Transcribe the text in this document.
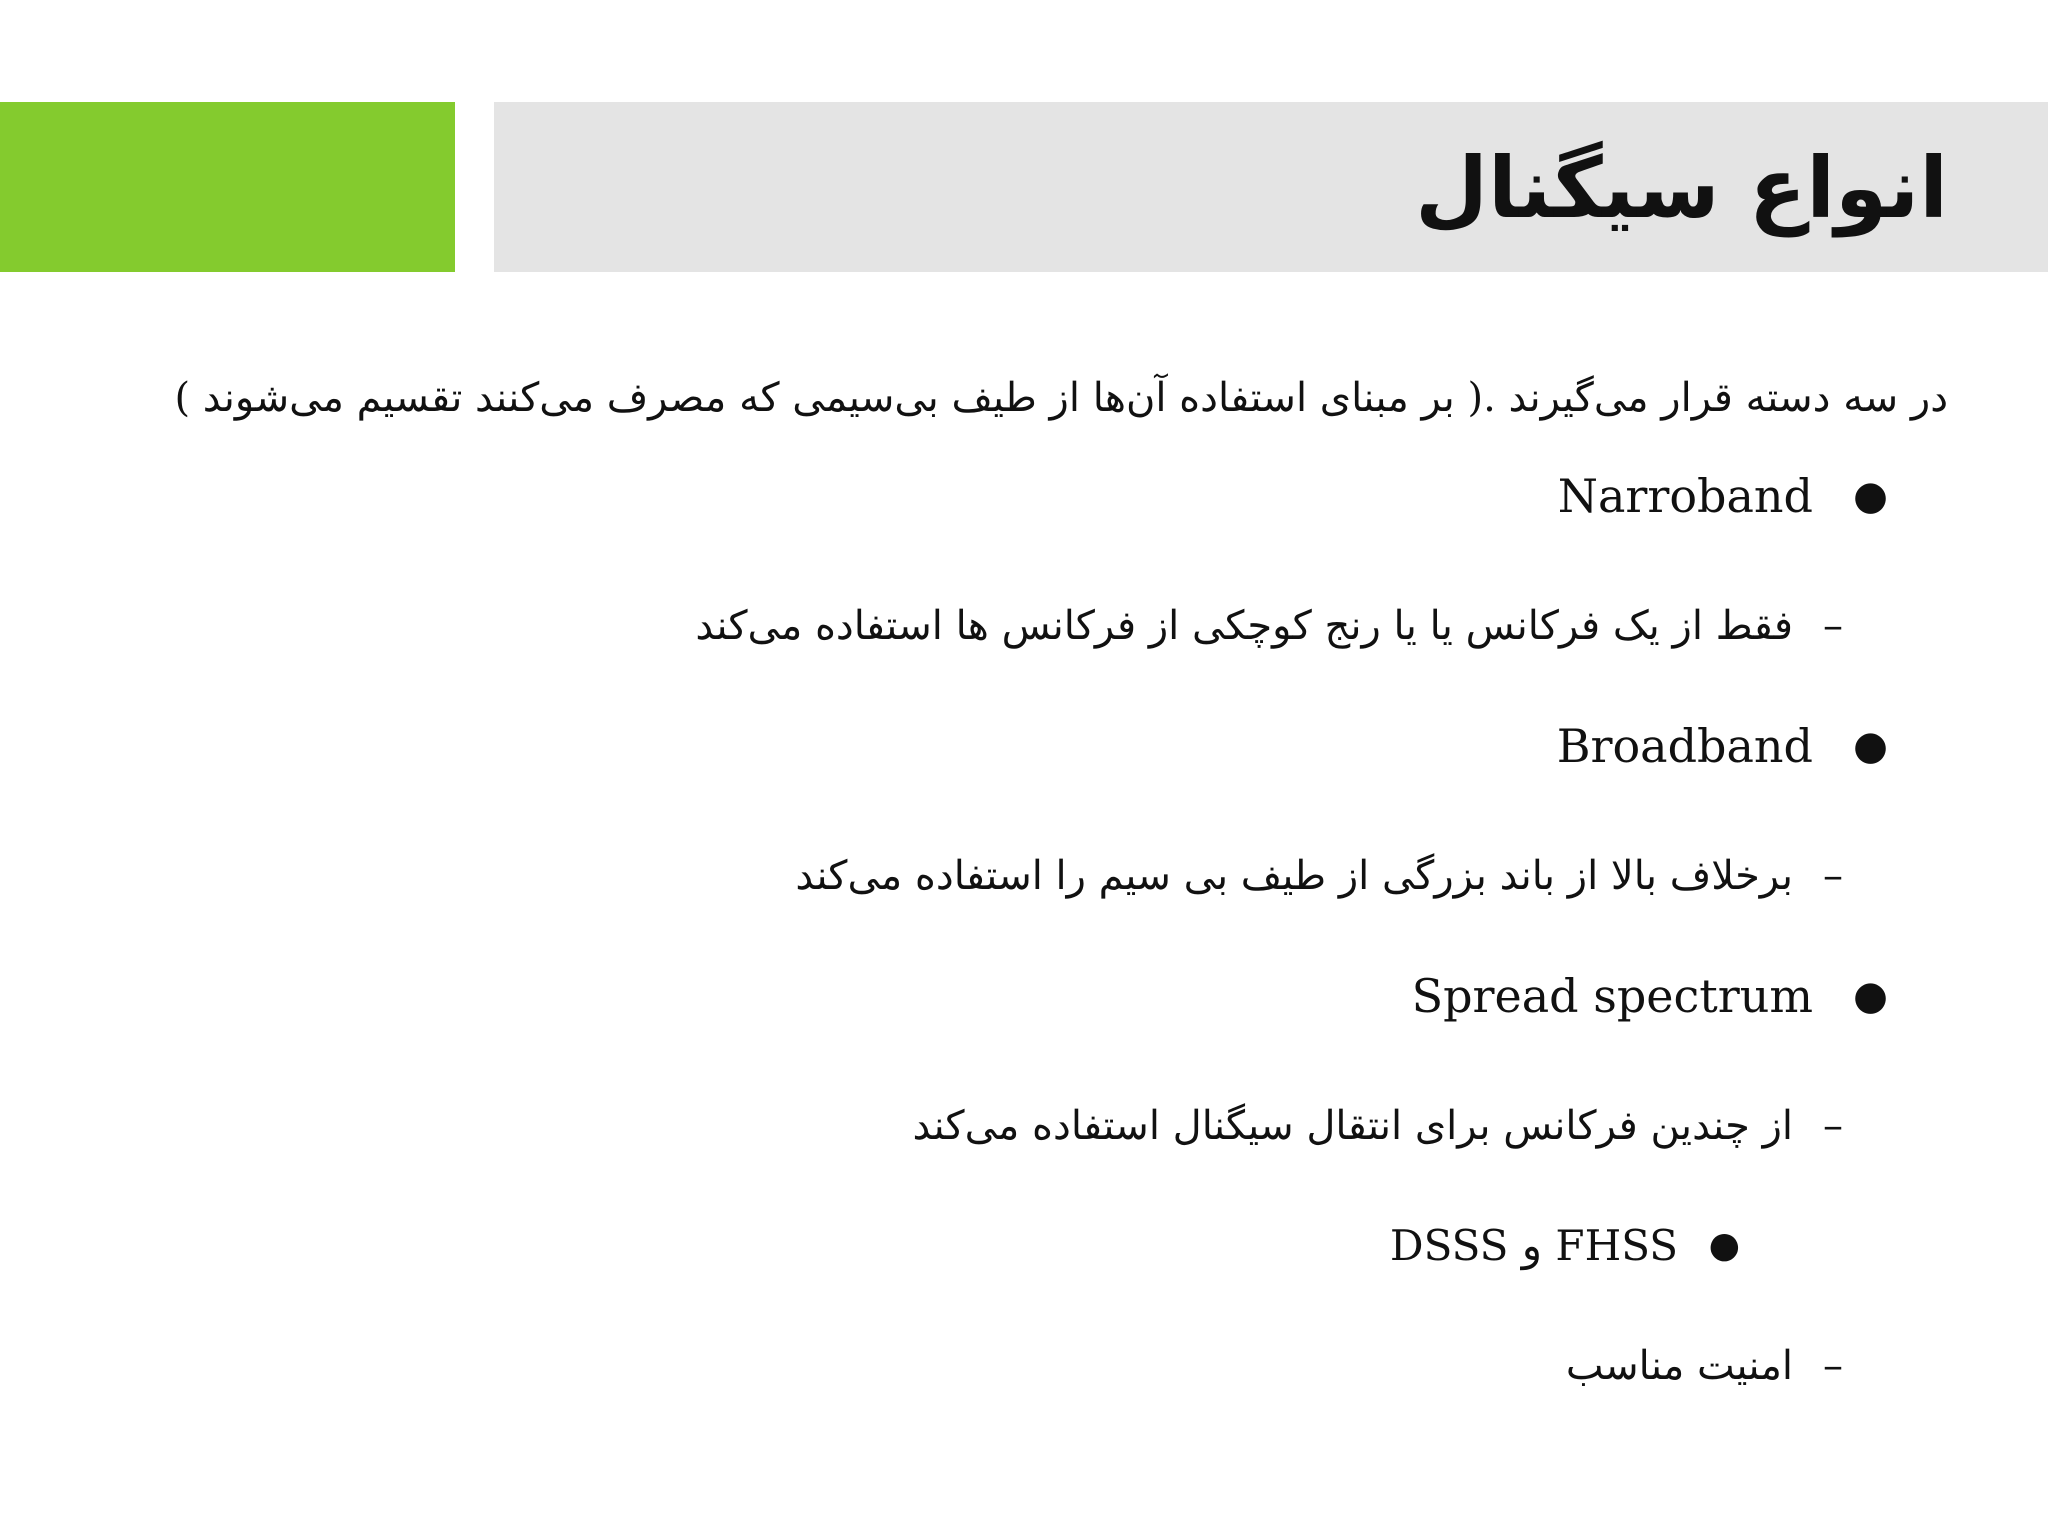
انواع سیگنال

در سه دسته قرار می‌گیرند .( بر مبنای استفاده آن‌ها از طیف بی‌سیمی که مصرف می‌کنند تقسیم می‌شوند )

●
Narroband
–
فقط از یک فرکانس یا یا رنج کوچکی از فرکانس ها استفاده می‌کند
●
Broadband
–
برخلاف بالا از باند بزرگی از طیف بی سیم را استفاده می‌کند
●
Spread spectrum
–
از چندین فرکانس برای انتقال سیگنال استفاده می‌کند
●
FHSS و DSSS
–
امنیت مناسب
